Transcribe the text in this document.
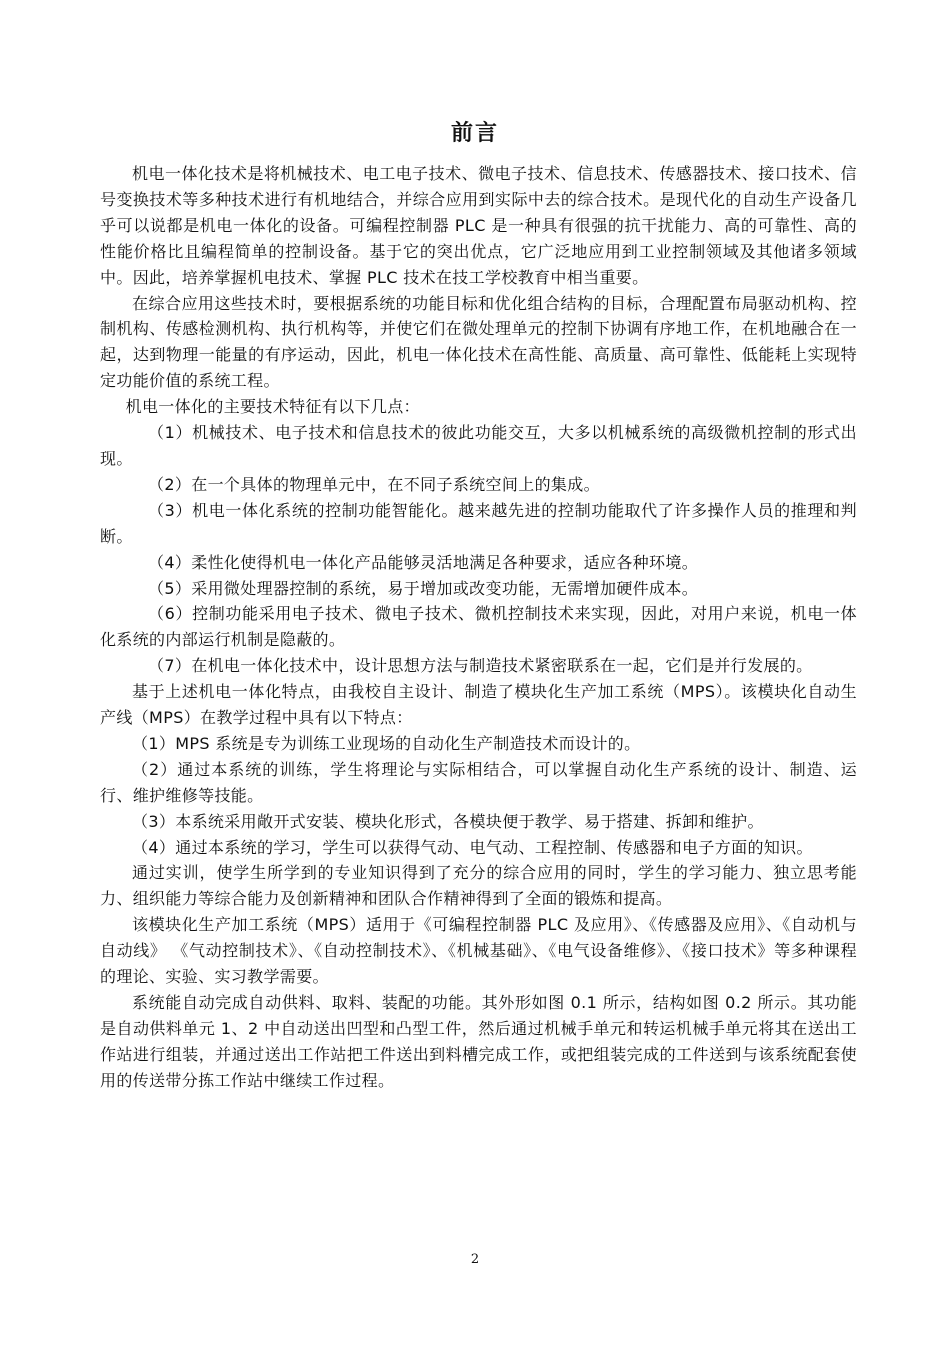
前言

机电一体化技术是将机械技术、电工电子技术、微电子技术、信息技术、传感器技术、接口技术、信号变换技术等多种技术进行有机地结合，并综合应用到实际中去的综合技术。是现代化的自动生产设备几乎可以说都是机电一体化的设备。可编程控制器 PLC 是一种具有很强的抗干扰能力、高的可靠性、高的性能价格比且编程简单的控制设备。基于它的突出优点，它广泛地应用到工业控制领域及其他诸多领域中。因此，培养掌握机电技术、掌握 PLC 技术在技工学校教育中相当重要。

在综合应用这些技术时，要根据系统的功能目标和优化组合结构的目标，合理配置布局驱动机构、控制机构、传感检测机构、执行机构等，并使它们在微处理单元的控制下协调有序地工作，在机地融合在一起，达到物理一能量的有序运动，因此，机电一体化技术在高性能、高质量、高可靠性、低能耗上实现特定功能价值的系统工程。

机电一体化的主要技术特征有以下几点：

（1）机械技术、电子技术和信息技术的彼此功能交互，大多以机械系统的高级微机控制的形式出现。

（2）在一个具体的物理单元中，在不同子系统空间上的集成。

（3）机电一体化系统的控制功能智能化。越来越先进的控制功能取代了许多操作人员的推理和判断。

（4）柔性化使得机电一体化产品能够灵活地满足各种要求，适应各种环境。

（5）采用微处理器控制的系统，易于增加或改变功能，无需增加硬件成本。

（6）控制功能采用电子技术、微电子技术、微机控制技术来实现，因此，对用户来说，机电一体化系统的内部运行机制是隐蔽的。

（7）在机电一体化技术中，设计思想方法与制造技术紧密联系在一起，它们是并行发展的。

基于上述机电一体化特点，由我校自主设计、制造了模块化生产加工系统（MPS）。该模块化自动生产线（MPS）在教学过程中具有以下特点：

（1）MPS 系统是专为训练工业现场的自动化生产制造技术而设计的。

（2）通过本系统的训练，学生将理论与实际相结合，可以掌握自动化生产系统的设计、制造、运行、维护维修等技能。

（3）本系统采用敞开式安装、模块化形式，各模块便于教学、易于搭建、拆卸和维护。

（4）通过本系统的学习，学生可以获得气动、电气动、工程控制、传感器和电子方面的知识。

通过实训，使学生所学到的专业知识得到了充分的综合应用的同时，学生的学习能力、独立思考能力、组织能力等综合能力及创新精神和团队合作精神得到了全面的锻炼和提高。

该模块化生产加工系统（MPS）适用于《可编程控制器 PLC 及应用》、《传感器及应用》、《自动机与自动线》 《气动控制技术》、《自动控制技术》、《机械基础》、《电气设备维修》、《接口技术》等多种课程的理论、实验、实习教学需要。

系统能自动完成自动供料、取料、装配的功能。其外形如图 0.1 所示，结构如图 0.2 所示。其功能是自动供料单元 1、2 中自动送出凹型和凸型工件，然后通过机械手单元和转运机械手单元将其在送出工作站进行组装，并通过送出工作站把工件送出到料槽完成工作，或把组装完成的工件送到与该系统配套使用的传送带分拣工作站中继续工作过程。

2
